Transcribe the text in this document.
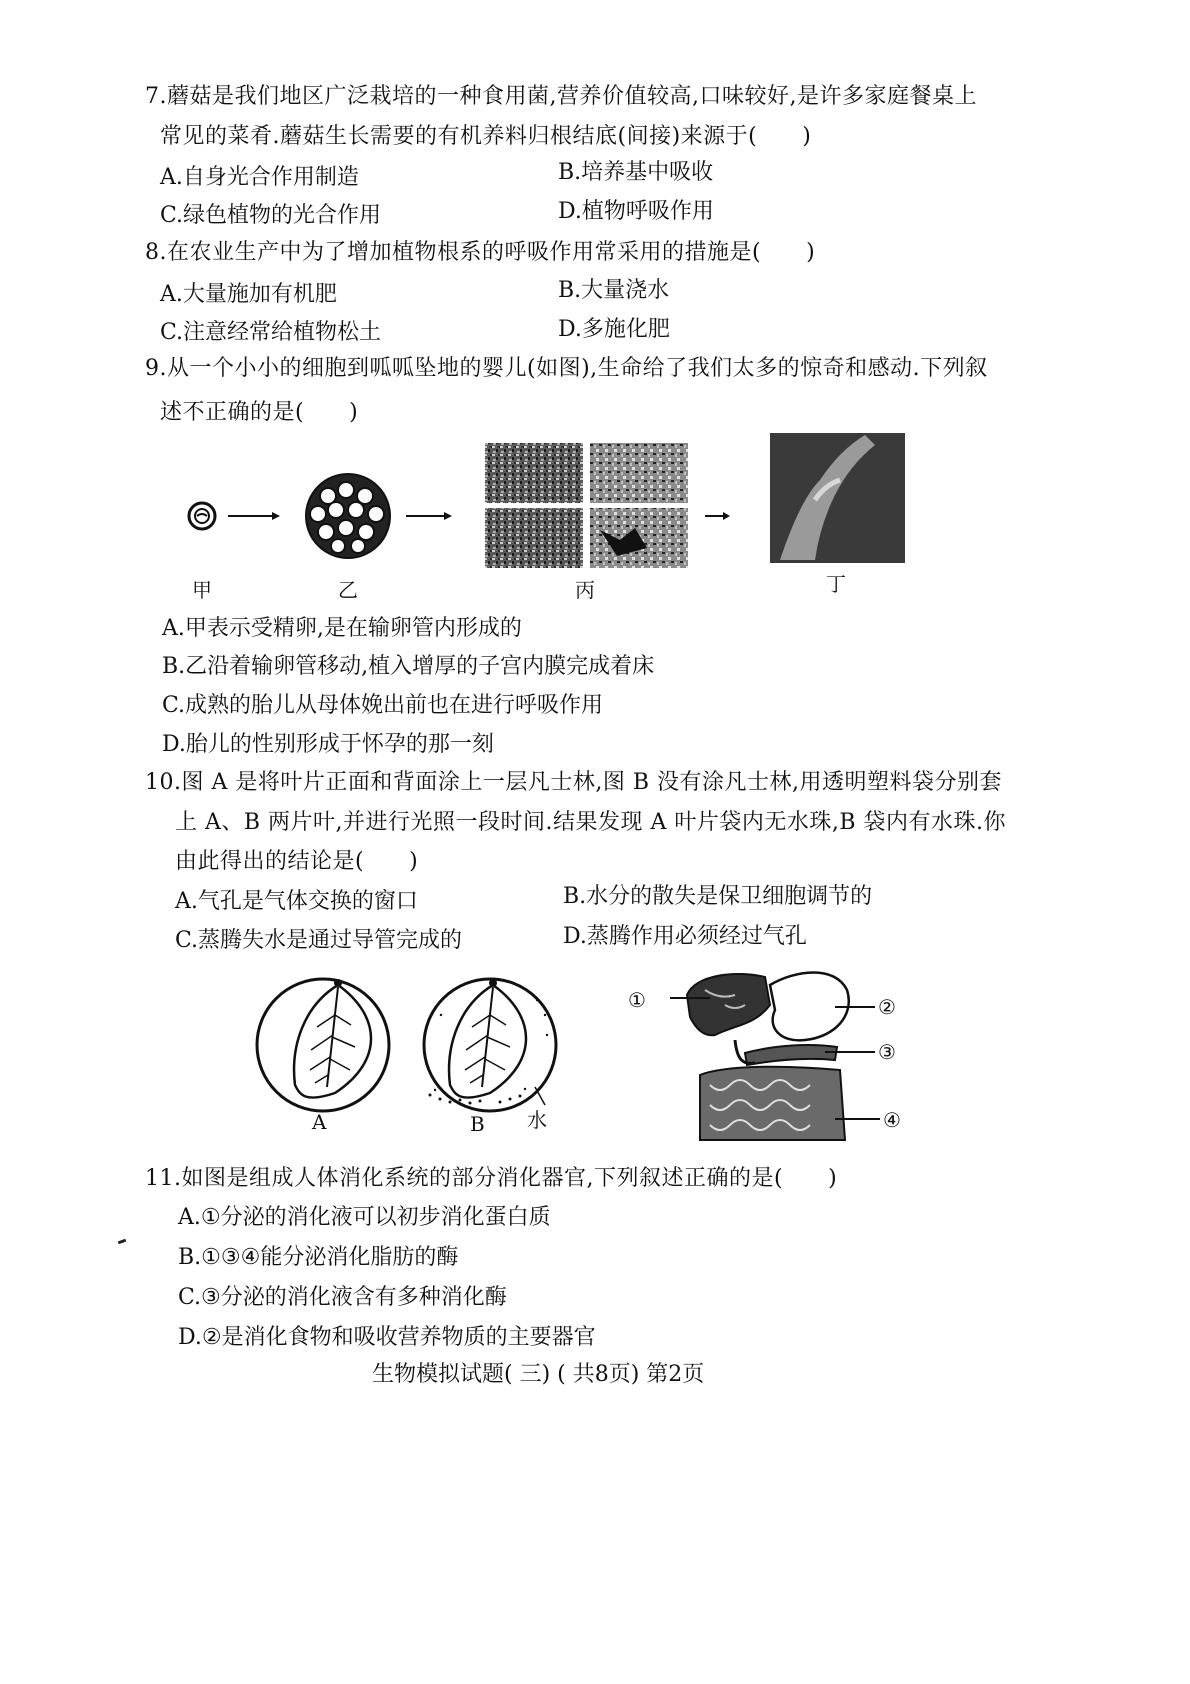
7.蘑菇是我们地区广泛栽培的一种食用菌,营养价值较高,口味较好,是许多家庭餐桌上
常见的菜肴.蘑菇生长需要的有机养料归根结底(间接)来源于(　　)
A.自身光合作用制造	B.培养基中吸收
C.绿色植物的光合作用	D.植物呼吸作用
8.在农业生产中为了增加植物根系的呼吸作用常采用的措施是(　　)
A.大量施加有机肥	B.大量浇水
C.注意经常给植物松土	D.多施化肥
9.从一个小小的细胞到呱呱坠地的婴儿(如图),生命给了我们太多的惊奇和感动.下列叙
述不正确的是(　　)
甲	乙	丙	丁
A.甲表示受精卵,是在输卵管内形成的
B.乙沿着输卵管移动,植入增厚的子宫内膜完成着床
C.成熟的胎儿从母体娩出前也在进行呼吸作用
D.胎儿的性别形成于怀孕的那一刻
10.图 A 是将叶片正面和背面涂上一层凡士林,图 B 没有涂凡士林,用透明塑料袋分别套
上 A、B 两片叶,并进行光照一段时间.结果发现 A 叶片袋内无水珠,B 袋内有水珠.你
由此得出的结论是(　　)
A.气孔是气体交换的窗口	B.水分的散失是保卫细胞调节的
C.蒸腾失水是通过导管完成的	D.蒸腾作用必须经过气孔
A	B 水
①	②
③
④
11.如图是组成人体消化系统的部分消化器官,下列叙述正确的是(　　)
A.①分泌的消化液可以初步消化蛋白质
B.①③④能分泌消化脂肪的酶
C.③分泌的消化液含有多种消化酶
D.②是消化食物和吸收营养物质的主要器官
生物模拟试题( 三) ( 共8页) 第2页
